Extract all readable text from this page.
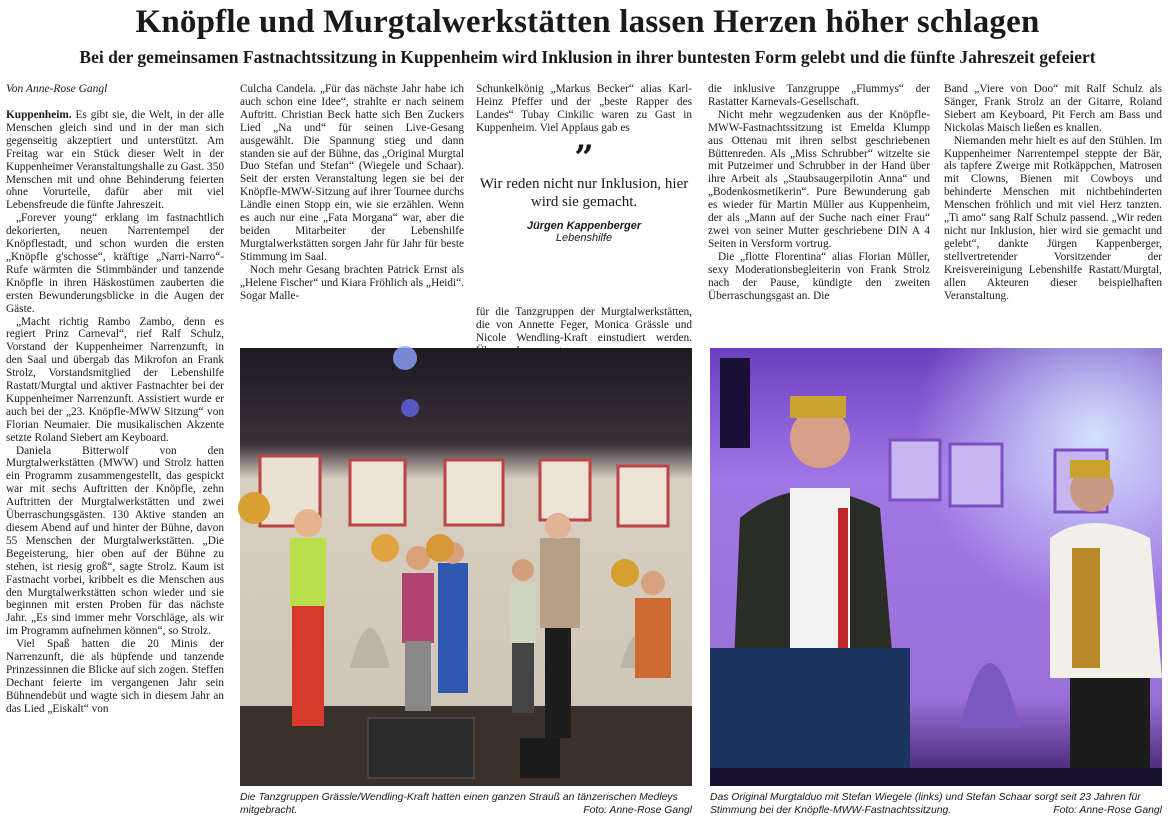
Knöpfle und Murgtalwerkstätten lassen Herzen höher schlagen
Bei der gemeinsamen Fastnachtssitzung in Kuppenheim wird Inklusion in ihrer buntesten Form gelebt und die fünfte Jahreszeit gefeiert
Von Anne-Rose Gangl

Kuppenheim. Es gibt sie, die Welt, in der alle Menschen gleich sind und in der man sich gegenseitig akzeptiert und unterstützt. Am Freitag war ein Stück dieser Welt in der Kuppenheimer Veranstaltungshalle zu Gast. 350 Menschen mit und ohne Behinderung feierten ohne Vorurteile, dafür aber mit viel Lebensfreude die fünfte Jahreszeit.

„Forever young“ erklang im fastnachtlich dekorierten, neuen Narrentempel der Knöpflestadt, und schon wurden die ersten „Knöpfle g'schosse“, kräftige „Narri-Narro“-Rufe wärmten die Stimmbänder und tanzende Knöpfle in ihren Häskostümen zauberten die ersten Bewunderungsblicke in die Augen der Gäste.

„Macht richtig Rambo Zambo, denn es regiert Prinz Carneval“, rief Ralf Schulz, Vorstand der Kuppenheimer Narrenzunft, in den Saal und übergab das Mikrofon an Frank Strolz, Vorstandsmitglied der Lebenshilfe Rastatt/Murgtal und aktiver Fastnachter bei der Kuppenheimer Narrenzunft. Assistiert wurde er auch bei der „23. Knöpfle-MWW Sitzung“ von Florian Neumaier. Die musikalischen Akzente setzte Roland Siebert am Keyboard.

Daniela Bitterwolf von den Murgtalwerkstätten (MWW) und Strolz hatten ein Programm zusammengestellt, das gespickt war mit sechs Auftritten der Knöpfle, zehn Auftritten der Murgtalwerkstätten und zwei Überraschungsgästen. 130 Aktive standen an diesem Abend auf und hinter der Bühne, davon 55 Menschen der Murgtalwerkstätten. „Die Begeisterung, hier oben auf der Bühne zu stehen, ist riesig groß“, sagte Strolz. Kaum ist Fastnacht vorbei, kribbelt es die Menschen aus den Murgtalwerkstätten schon wieder und sie beginnen mit ersten Proben für das nächste Jahr. „Es sind immer mehr Vorschläge, als wir im Programm aufnehmen können“, so Strolz.

Viel Spaß hatten die 20 Minis der Narrenzunft, die als hüpfende und tanzende Prinzessinnen die Blicke auf sich zogen. Steffen Dechant feierte im vergangenen Jahr sein Bühnendebüt und wagte sich in diesem Jahr an das Lied „Eiskalt“ von

Culcha Candela. „Für das nächste Jahr habe ich auch schon eine Idee“, strahlte er nach seinem Auftritt. Christian Beck hatte sich Ben Zuckers Lied „Na und“ für seinen Live-Gesang ausgewählt. Die Spannung stieg und dann standen sie auf der Bühne, das „Original Murgtal Duo Stefan und Stefan“ (Wiegele und Schaar). Seit der ersten Veranstaltung legen sie bei der Knöpfle-MWW-Sitzung auf ihrer Tournee durchs Ländle einen Stopp ein, wie sie erzählen. Wenn es auch nur eine „Fata Morgana“ war, aber die beiden Mitarbeiter der Lebenshilfe Murgtalwerkstätten sorgen Jahr für Jahr für beste Stimmung im Saal.

Noch mehr Gesang brachten Patrick Ernst als „Helene Fischer“ und Kiara Fröhlich als „Heidi“. Sogar Malle-

Schunkelkönig „Markus Becker“ alias Karl-Heinz Pfeffer und der „beste Rapper des Landes“ Tubay Cinkilic waren zu Gast in Kuppenheim. Viel Applaus gab es

”
Wir reden nicht nur Inklusion, hier wird sie gemacht.
Jürgen Kappenberger
Lebenshilfe

für die Tanzgruppen der Murgtalwerkstätten, die von Annette Feger, Monica Grässle und Nicole Wendling-Kraft einstudiert werden.

die inklusive Tanzgruppe „Flummys“ der Rastatter Karnevals-Gesellschaft.

Nicht mehr wegzudenken aus der Knöpfle-MWW-Fastnachtssitzung ist Emelda Klumpp aus Ottenau mit ihren selbst geschriebenen Büttenreden. Als „Miss Schrubber“ witzelte sie mit Putzeimer und Schrubber in der Hand über ihre Arbeit als „Staubsaugerpilotin Anna“ und „Bodenkosmetikerin“. Pure Bewunderung gab es wieder für Martin Müller aus Kuppenheim, der als „Mann auf der Suche nach einer Frau“ zwei von seiner Mutter geschriebene DIN A 4 Seiten in Versform vortrug.

Die „flotte Florentina“ alias Florian Müller, sexy Moderationsbegleiterin von Frank Strolz nach der Pause, kündigte den zweiten Überraschungsgast an. Die

Band „Viere von Doo“ mit Ralf Schulz als Sänger, Frank Strolz an der Gitarre, Roland Siebert am Keyboard, Pit Ferch am Bass und Nickolas Maisch ließen es knallen.

Niemanden mehr hielt es auf den Stühlen. Im Kuppenheimer Narrentempel steppte der Bär, als tapfere Zwerge mit Rotkäppchen, Matrosen mit Clowns, Bienen mit Cowboys und behinderte Menschen mit nichtbehinderten Menschen fröhlich und mit viel Herz tanzten. „Ti amo“ sang Ralf Schulz passend. „Wir reden nicht nur Inklusion, hier wird sie gemacht und gelebt“, dankte Jürgen Kappenberger, stellvertretender Vorsitzender der Kreisvereinigung Lebenshilfe Rastatt/Murgtal, allen Akteuren dieser beispielhaften Veranstaltung.

Die Tanzgruppen Grässle/Wendling-Kraft hatten einen ganzen Strauß an tänzerischen Medleys mitgebracht.	Foto: Anne-Rose Gangl
Das Original Murgtalduo mit Stefan Wiegele (links) und Stefan Schaar sorgt seit 23 Jahren für Stimmung bei der Knöpfle-MWW-Fastnachtssitzung.	Foto: Anne-Rose Gangl
